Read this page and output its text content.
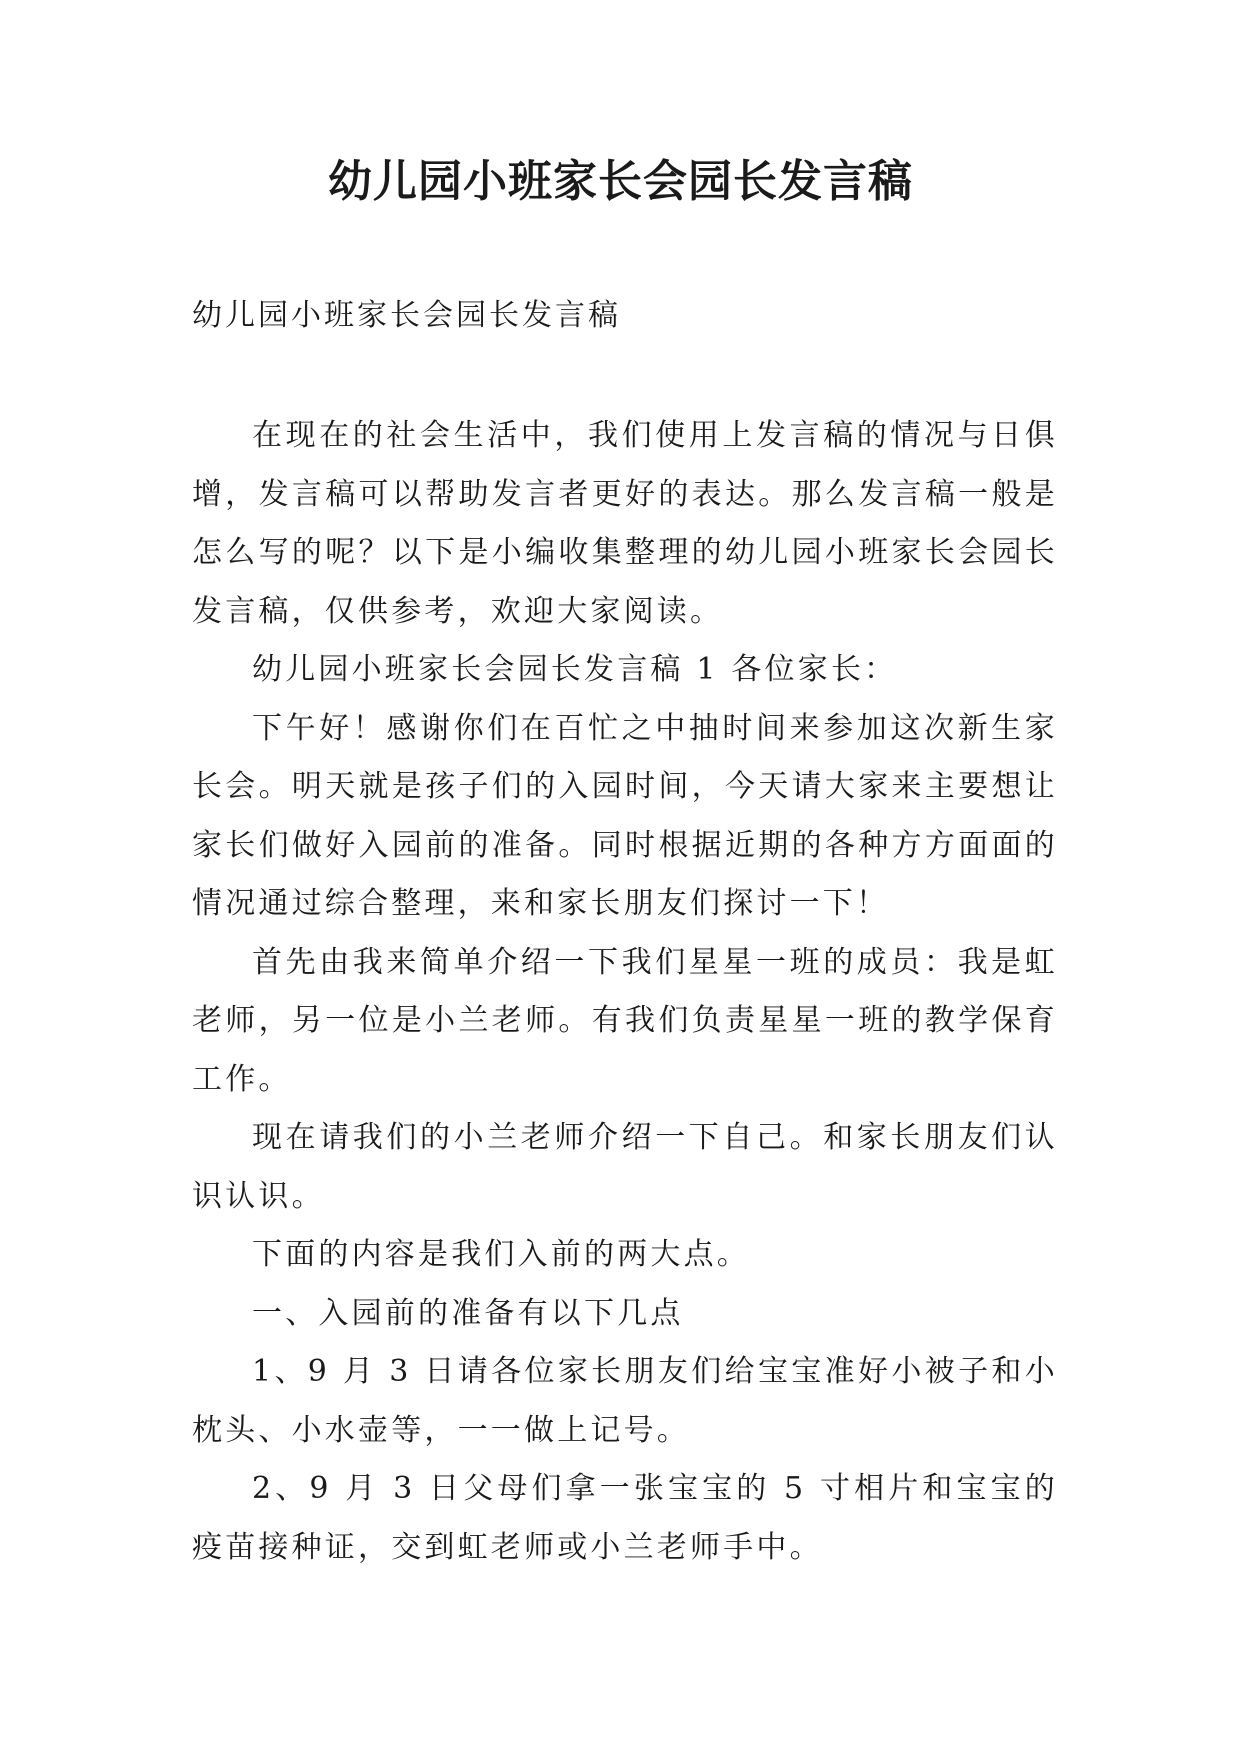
幼儿园小班家长会园长发言稿
幼儿园小班家长会园长发言稿

在现在的社会生活中，我们使用上发言稿的情况与日俱增，发言稿可以帮助发言者更好的表达。那么发言稿一般是怎么写的呢？以下是小编收集整理的幼儿园小班家长会园长发言稿，仅供参考，欢迎大家阅读。

幼儿园小班家长会园长发言稿 1 各位家长：

下午好！感谢你们在百忙之中抽时间来参加这次新生家长会。明天就是孩子们的入园时间，今天请大家来主要想让家长们做好入园前的准备。同时根据近期的各种方方面面的情况通过综合整理，来和家长朋友们探讨一下！

首先由我来简单介绍一下我们星星一班的成员：我是虹老师，另一位是小兰老师。有我们负责星星一班的教学保育工作。

现在请我们的小兰老师介绍一下自己。和家长朋友们认识认识。

下面的内容是我们入前的两大点。

一、入园前的准备有以下几点

1、9 月 3 日请各位家长朋友们给宝宝准好小被子和小枕头、小水壶等，一一做上记号。

2、9 月 3 日父母们拿一张宝宝的 5 寸相片和宝宝的疫苗接种证，交到虹老师或小兰老师手中。
